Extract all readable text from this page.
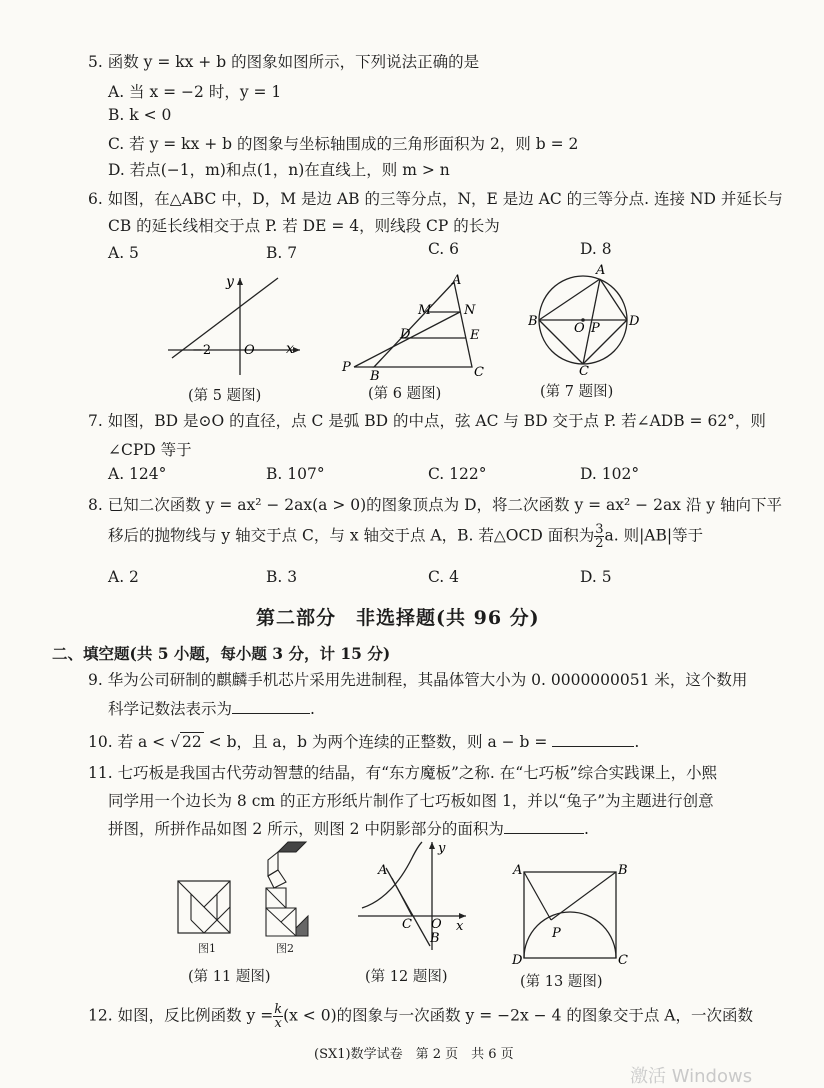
5. 函数 y = kx + b 的图象如图所示，下列说法正确的是
A. 当 x = −2 时，y = 1
B. k < 0
C. 若 y = kx + b 的图象与坐标轴围成的三角形面积为 2，则 b = 2
D. 若点(−1，m)和点(1，n)在直线上，则 m > n
6. 如图，在△ABC 中，D，M 是边 AB 的三等分点，N，E 是边 AC 的三等分点. 连接 ND 并延长与
CB 的延长线相交于点 P. 若 DE = 4，则线段 CP 的长为
A. 5	B. 7	C. 6	D. 8
y
x
O
−2
(第 5 题图)
A
M	N
D	E
P
B	C
(第 6 题图)
A
B	O P D
C
(第 7 题图)
7. 如图，BD 是⊙O 的直径，点 C 是弧 BD 的中点，弦 AC 与 BD 交于点 P. 若∠ADB = 62°，则
∠CPD 等于
A. 124°	B. 107°	C. 122°	D. 102°
8. 已知二次函数 y = ax² − 2ax(a > 0)的图象顶点为 D，将二次函数 y = ax² − 2ax 沿 y 轴向下平
移后的抛物线与 y 轴交于点 C，与 x 轴交于点 A，B. 若△OCD 面积为 $\frac{3}{2} a$. 则|AB|等于
A. 2	B. 3	C. 4	D. 5
第二部分　非选择题(共 96 分)
二、填空题(共 5 小题，每小题 3 分，计 15 分)
9. 华为公司研制的麒麟手机芯片采用先进制程，其晶体管大小为 0. 0000000051 米，这个数用
科学记数法表示为	.
10. 若 a < √ 22 < b，且 a，b 为两个连续的正整数，则 a − b =	.
11. 七巧板是我国古代劳动智慧的结晶，有“东方魔板”之称. 在“七巧板”综合实践课上，小熙
同学用一个边长为 8 cm 的正方形纸片制作了七巧板如图 1，并以“兔子”为主题进行创意
拼图，所拼作品如图 2 所示，则图 2 中阴影部分的面积为	.
图1	图2
(第 11 题图)
A
C O
B
x
y
(第 12 题图)
A	B
P
D	C
(第 13 题图)
12. 如图，反比例函数 $y = \frac{k}{x} (x < 0)$的图象与一次函数 y = −2x − 4 的图象交于点 A，一次函数
(SX1)数学试卷　第 2 页　共 6 页
激活 Windows
